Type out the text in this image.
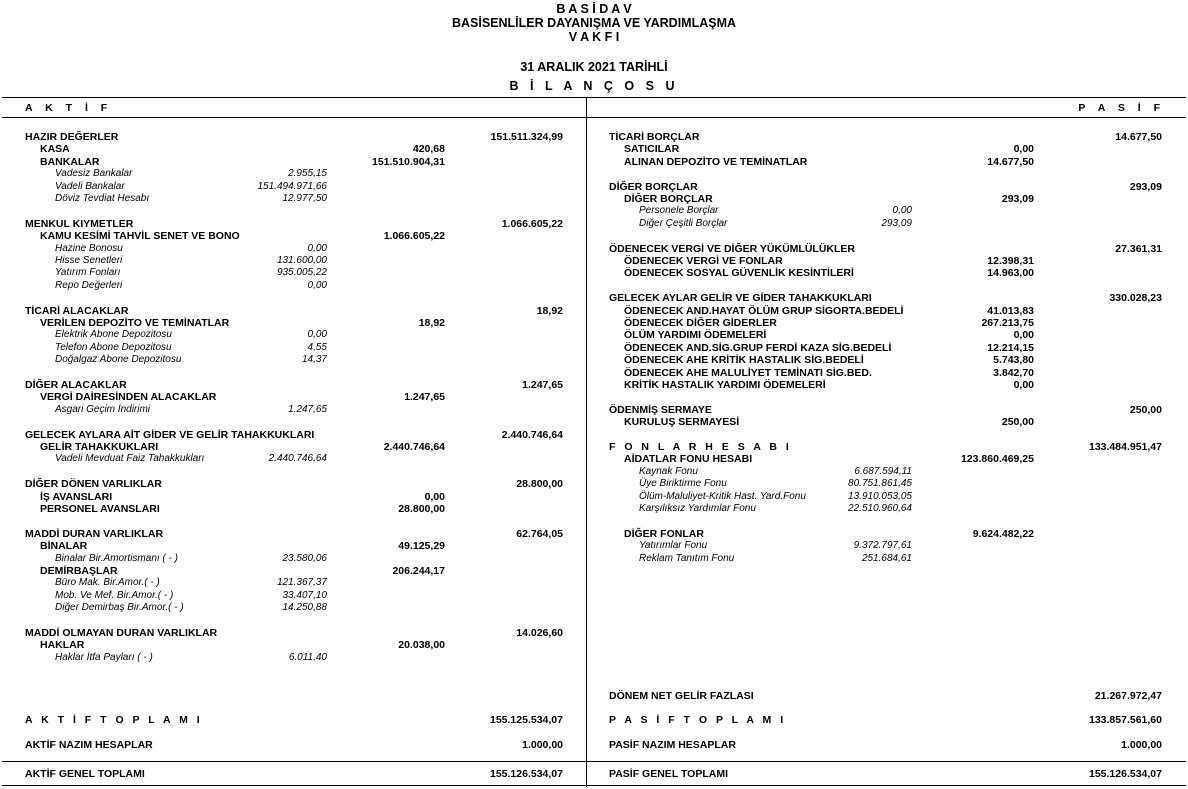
B A S İ D A V
BASİSENLİLER DAYANIŞMA VE YARDIMLAŞMA
V A K F I
31 ARALIK 2021 TARİHLİ
B İ L A N Ç O S U
A K T İ F	P A S İ F
HAZIR DEĞERLER	151.511.324,99
KASA	420,68
BANKALAR	151.510.904,31
Vadesiz Bankalar	2.955,15
Vadeli Bankalar	151.494.971,66
Döviz Tevdiat Hesabı	12.977,50
MENKUL KIYMETLER	1.066.605,22
KAMU KESİMİ TAHVİL SENET VE BONO	1.066.605,22
Hazine Bonosu	0,00
Hisse Senetleri	131.600,00
Yatırım Fonları	935.005,22
Repo Değerleri	0,00
TİCARİ ALACAKLAR	18,92
VERİLEN DEPOZİTO VE TEMİNATLAR	18,92
Elektrik Abone Depozitosu	0,00
Telefon Abone Depozitosu	4,55
Doğalgaz Abone Depozitosu	14,37
DİĞER ALACAKLAR	1.247,65
VERGİ DAİRESİNDEN ALACAKLAR	1.247,65
Asgari Geçim İndirimi	1.247,65
GELECEK AYLARA AİT GİDER VE GELİR TAHAKKUKLARI	2.440.746,64
GELİR TAHAKKUKLARI	2.440.746,64
Vadeli Mevduat Faiz Tahakkukları	2.440.746,64
DİĞER DÖNEN VARLIKLAR	28.800,00
İŞ AVANSLARI	0,00
PERSONEL AVANSLARI	28.800,00
MADDİ DURAN VARLIKLAR	62.764,05
BİNALAR	49.125,29
Binalar Bir.Amortismanı ( - )	23.580,06
DEMİRBAŞLAR	206.244,17
Büro Mak. Bir.Amor.( - )	121.367,37
Mob. Ve Mef. Bir.Amor.( - )	33.407,10
Diğer Demirbaş Bir.Amor.( - )	14.250,88
MADDİ OLMAYAN DURAN VARLIKLAR	14.026,60
HAKLAR	20.038,00
Haklar İtfa Payları ( - )	6.011,40
TİCARİ BORÇLAR	14.677,50
SATICILAR	0,00
ALINAN DEPOZİTO VE TEMİNATLAR	14.677,50
DİĞER BORÇLAR	293,09
DİĞER BORÇLAR	293,09
Personele Borçlar	0,00
Diğer Çeşitli Borçlar	293,09
ÖDENECEK VERGİ VE DİĞER YÜKÜMLÜLÜKLER	27.361,31
ÖDENECEK VERGİ VE FONLAR	12.398,31
ÖDENECEK SOSYAL GÜVENLİK KESİNTİLERİ	14.963,00
GELECEK AYLAR GELİR VE GİDER TAHAKKUKLARI	330.028,23
ÖDENECEK AND.HAYAT ÖLÜM GRUP SİGORTA.BEDELİ	41.013,83
ÖDENECEK DİĞER GİDERLER	267.213,75
ÖLÜM YARDIMI ÖDEMELERİ	0,00
ÖDENECEK AND.SİG.GRUP FERDİ KAZA SİG.BEDELİ	12.214,15
ÖDENECEK AHE KRİTİK HASTALIK SİG.BEDELİ	5.743,80
ÖDENECEK AHE MALULİYET TEMİNATI SİG.BED.	3.842,70
KRİTİK HASTALIK YARDIMI ÖDEMELERİ	0,00
ÖDENMİŞ SERMAYE	250,00
KURULUŞ SERMAYESİ	250,00
F O N L A R H E S A B I	133.484.951,47
AİDATLAR FONU HESABI	123.860.469,25
Kaynak Fonu	6.687.594,11
Üye Biriktirme Fonu	80.751.861,45
Ölüm-Maluliyet-Kritik Hast. Yard.Fonu	13.910.053,05
Karşılıksız Yardımlar Fonu	22.510.960,64
DİĞER FONLAR	9.624.482,22
Yatırımlar Fonu	9.372.797,61
Reklam Tanıtım Fonu	251.684,61
DÖNEM NET GELİR FAZLASI	21.267.972,47
A K T İ F T O P L A M I	155.125.534,07	P A S İ F T O P L A M I	133.857.561,60
AKTİF NAZIM HESAPLAR	1.000,00	PASİF NAZIM HESAPLAR	1.000,00
AKTİF GENEL TOPLAMI	155.126.534,07	PASİF GENEL TOPLAMI	155.126.534,07
